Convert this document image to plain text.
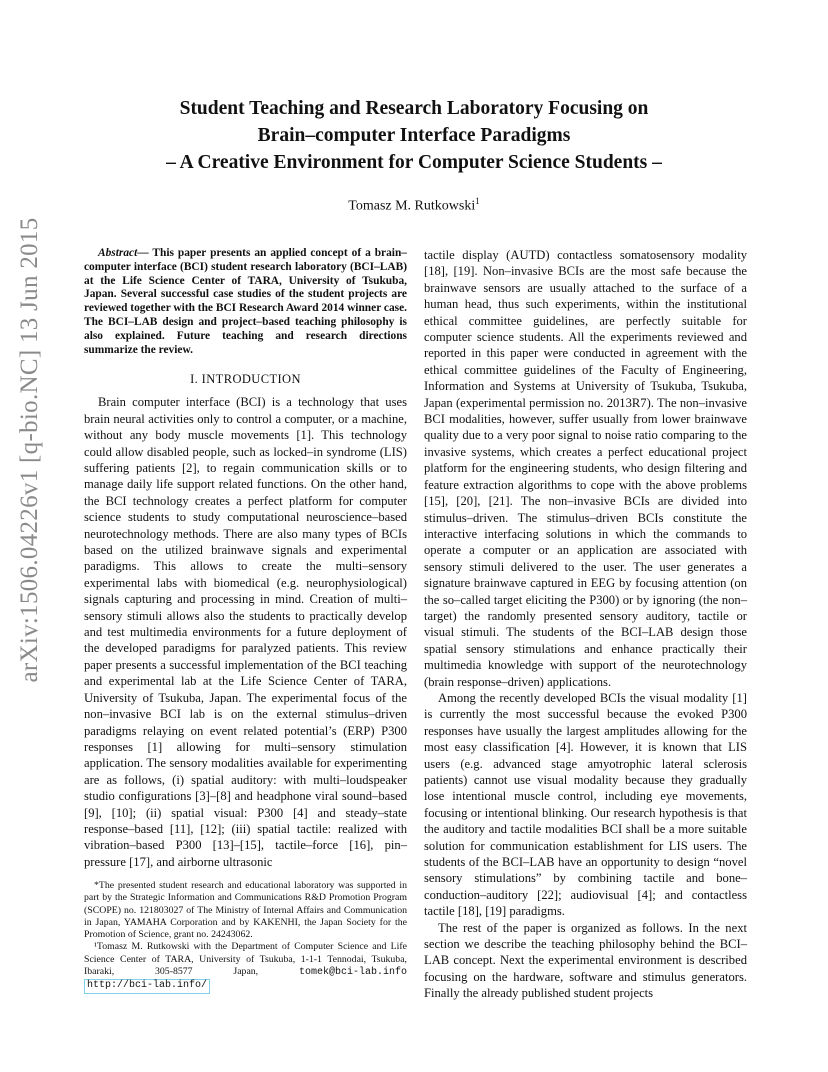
arXiv:1506.04226v1 [q-bio.NC] 13 Jun 2015
Student Teaching and Research Laboratory Focusing on
Brain–computer Interface Paradigms
– A Creative Environment for Computer Science Students –
Tomasz M. Rutkowski$^1$

Abstract— This paper presents an applied concept of a brain–computer interface (BCI) student research laboratory (BCI–LAB) at the Life Science Center of TARA, University of Tsukuba, Japan. Several successful case studies of the student projects are reviewed together with the BCI Research Award 2014 winner case. The BCI–LAB design and project–based teaching philosophy is also explained. Future teaching and research directions summarize the review.

I. INTRODUCTION

Brain computer interface (BCI) is a technology that uses brain neural activities only to control a computer, or a machine, without any body muscle movements [1]. This technology could allow disabled people, such as locked–in syndrome (LIS) suffering patients [2], to regain communication skills or to manage daily life support related functions. On the other hand, the BCI technology creates a perfect platform for computer science students to study computational neuroscience–based neurotechnology methods. There are also many types of BCIs based on the utilized brainwave signals and experimental paradigms. This allows to create the multi–sensory experimental labs with biomedical (e.g. neurophysiological) signals capturing and processing in mind. Creation of multi–sensory stimuli allows also the students to practically develop and test multimedia environments for a future deployment of the developed paradigms for paralyzed patients. This review paper presents a successful implementation of the BCI teaching and experimental lab at the Life Science Center of TARA, University of Tsukuba, Japan. The experimental focus of the non–invasive BCI lab is on the external stimulus–driven paradigms relaying on event related potential’s (ERP) P300 responses [1] allowing for multi–sensory stimulation application. The sensory modalities available for experimenting are as follows, (i) spatial auditory: with multi–loudspeaker studio configurations [3]–[8] and headphone viral sound–based [9], [10]; (ii) spatial visual: P300 [4] and steady–state response–based [11], [12]; (iii) spatial tactile: realized with vibration–based P300 [13]–[15], tactile–force [16], pin–pressure [17], and airborne ultrasonic

*The presented student research and educational laboratory was supported in part by the Strategic Information and Communications R&D Promotion Program (SCOPE) no. 121803027 of The Ministry of Internal Affairs and Communication in Japan, YAMAHA Corporation and by KAKENHI, the Japan Society for the Promotion of Science, grant no. 24243062.

¹Tomasz M. Rutkowski with the Department of Computer Science and Life Science Center of TARA, University of Tsukuba, 1-1-1 Tennodai, Tsukuba, Ibaraki, 305-8577 Japan,	tomek@bci-lab.info http://bci-lab.info/

tactile display (AUTD) contactless somatosensory modality [18], [19]. Non–invasive BCIs are the most safe because the brainwave sensors are usually attached to the surface of a human head, thus such experiments, within the institutional ethical committee guidelines, are perfectly suitable for computer science students. All the experiments reviewed and reported in this paper were conducted in agreement with the ethical committee guidelines of the Faculty of Engineering, Information and Systems at University of Tsukuba, Tsukuba, Japan (experimental permission no. 2013R7). The non–invasive BCI modalities, however, suffer usually from lower brainwave quality due to a very poor signal to noise ratio comparing to the invasive systems, which creates a perfect educational project platform for the engineering students, who design filtering and feature extraction algorithms to cope with the above problems [15], [20], [21]. The non–invasive BCIs are divided into stimulus–driven. The stimulus–driven BCIs constitute the interactive interfacing solutions in which the commands to operate a computer or an application are associated with sensory stimuli delivered to the user. The user generates a signature brainwave captured in EEG by focusing attention (on the so–called target eliciting the P300) or by ignoring (the non–target) the randomly presented sensory auditory, tactile or visual stimuli. The students of the BCI–LAB design those spatial sensory stimulations and enhance practically their multimedia knowledge with support of the neurotechnology (brain response–driven) applications.

Among the recently developed BCIs the visual modality [1] is currently the most successful because the evoked P300 responses have usually the largest amplitudes allowing for the most easy classification [4]. However, it is known that LIS users (e.g. advanced stage amyotrophic lateral sclerosis patients) cannot use visual modality because they gradually lose intentional muscle control, including eye movements, focusing or intentional blinking. Our research hypothesis is that the auditory and tactile modalities BCI shall be a more suitable solution for communication establishment for LIS users. The students of the BCI–LAB have an opportunity to design “novel sensory stimulations” by combining tactile and bone–conduction–auditory [22]; audiovisual [4]; and contactless tactile [18], [19] paradigms.

The rest of the paper is organized as follows. In the next section we describe the teaching philosophy behind the BCI–LAB concept. Next the experimental environment is described focusing on the hardware, software and stimulus generators. Finally the already published student projects
